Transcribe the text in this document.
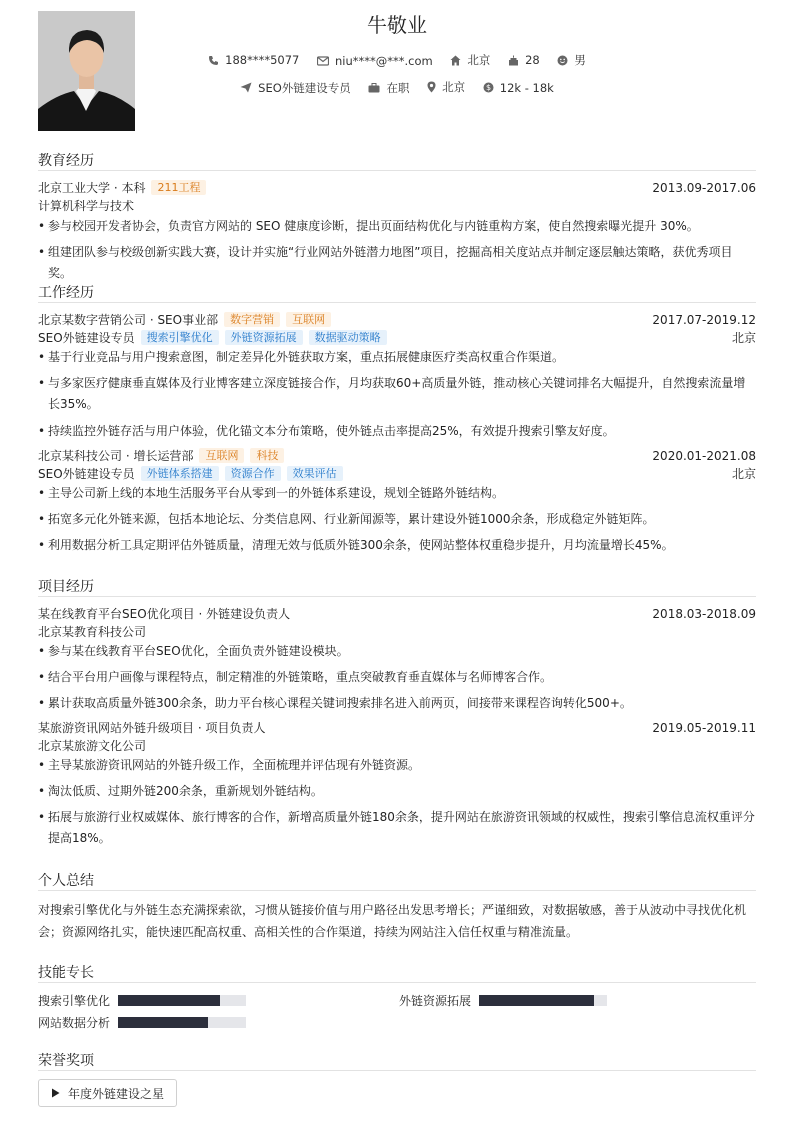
牛敬业
188****5077
	niu****@***.com
	北京
	28
	男
SEO外链建设专员
	在职
	北京
	$ 12k - 18k
教育经历
北京工业大学 · 本科	211工程	2013.09-2017.06
计算机科学与技术
• 参与校园开发者协会，负责官方网站的 SEO 健康度诊断，提出页面结构优化与内链重构方案，使自然搜索曝光提升 30%。
• 组建团队参与校级创新实践大赛，设计并实施“行业网站外链潜力地图”项目，挖掘高相关度站点并制定逐层触达策略，获优秀项目奖。
工作经历
北京某数字营销公司 · SEO事业部	数字营销	互联网	2017.07-2019.12
SEO外链建设专员	搜索引擎优化	外链资源拓展	数据驱动策略	北京
• 基于行业竞品与用户搜索意图，制定差异化外链获取方案，重点拓展健康医疗类高权重合作渠道。
• 与多家医疗健康垂直媒体及行业博客建立深度链接合作，月均获取60+高质量外链，推动核心关键词排名大幅提升，自然搜索流量增长35%。
• 持续监控外链存活与用户体验，优化锚文本分布策略，使外链点击率提高25%，有效提升搜索引擎友好度。
北京某科技公司 · 增长运营部	互联网	科技	2020.01-2021.08
SEO外链建设专员	外链体系搭建	资源合作	效果评估	北京
• 主导公司新上线的本地生活服务平台从零到一的外链体系建设，规划全链路外链结构。
• 拓宽多元化外链来源，包括本地论坛、分类信息网、行业新闻源等，累计建设外链1000余条，形成稳定外链矩阵。
• 利用数据分析工具定期评估外链质量，清理无效与低质外链300余条，使网站整体权重稳步提升，月均流量增长45%。
项目经历
某在线教育平台SEO优化项目 · 外链建设负责人	2018.03-2018.09
北京某教育科技公司
• 参与某在线教育平台SEO优化，全面负责外链建设模块。
• 结合平台用户画像与课程特点，制定精准的外链策略，重点突破教育垂直媒体与名师博客合作。
• 累计获取高质量外链300余条，助力平台核心课程关键词搜索排名进入前两页，间接带来课程咨询转化500+。
某旅游资讯网站外链升级项目 · 项目负责人	2019.05-2019.11
北京某旅游文化公司
• 主导某旅游资讯网站的外链升级工作，全面梳理并评估现有外链资源。
• 淘汰低质、过期外链200余条，重新规划外链结构。
• 拓展与旅游行业权威媒体、旅行博客的合作，新增高质量外链180余条，提升网站在旅游资讯领域的权威性，搜索引擎信息流权重评分提高18%。
个人总结
对搜索引擎优化与外链生态充满探索欲，习惯从链接价值与用户路径出发思考增长；严谨细致，对数据敏感，善于从波动中寻找优化机会；资源网络扎实，能快速匹配高权重、高相关性的合作渠道，持续为网站注入信任权重与精准流量。
技能专长
搜索引擎优化	外链资源拓展
网站数据分析
荣誉奖项
年度外链建设之星
